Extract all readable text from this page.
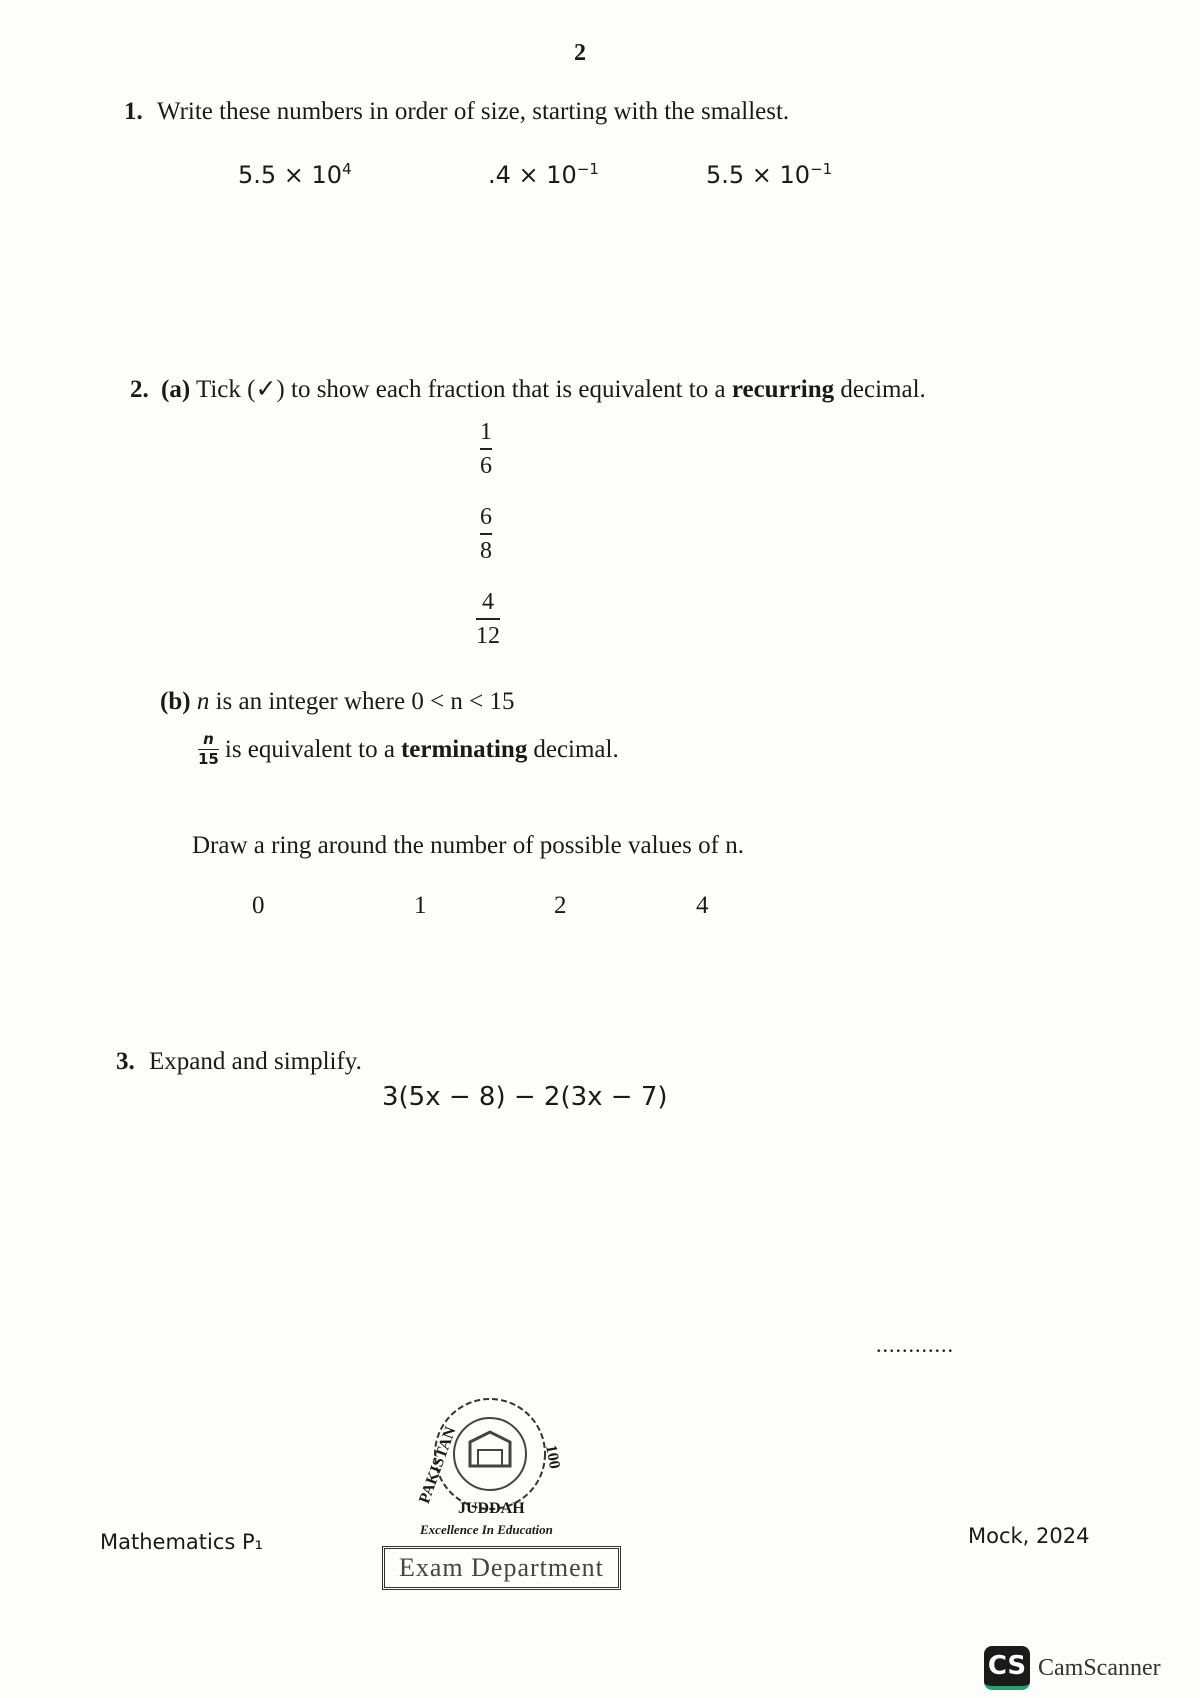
2
1. Write these numbers in order of size, starting with the smallest.
$5.5 \times 10^4$	$.4 \times 10^{-1}$	$5.5 \times 10^{-1}$
2. (a) Tick (✓) to show each fraction that is equivalent to a recurring decimal.
1
6
6
8
4
12
(b) n is an integer where 0 < n < 15
$\frac{n}{15}$ is equivalent to a terminating decimal.
Draw a ring around the number of possible values of n.
0	1	2	4
3. Expand and simplify.
3(5x − 8) − 2(3x − 7)
............
PAKISTAN	100
JUDDAH
Excellence In Education
Exam Department
Mathematics P₁	Mock, 2024
CS CamScanner
